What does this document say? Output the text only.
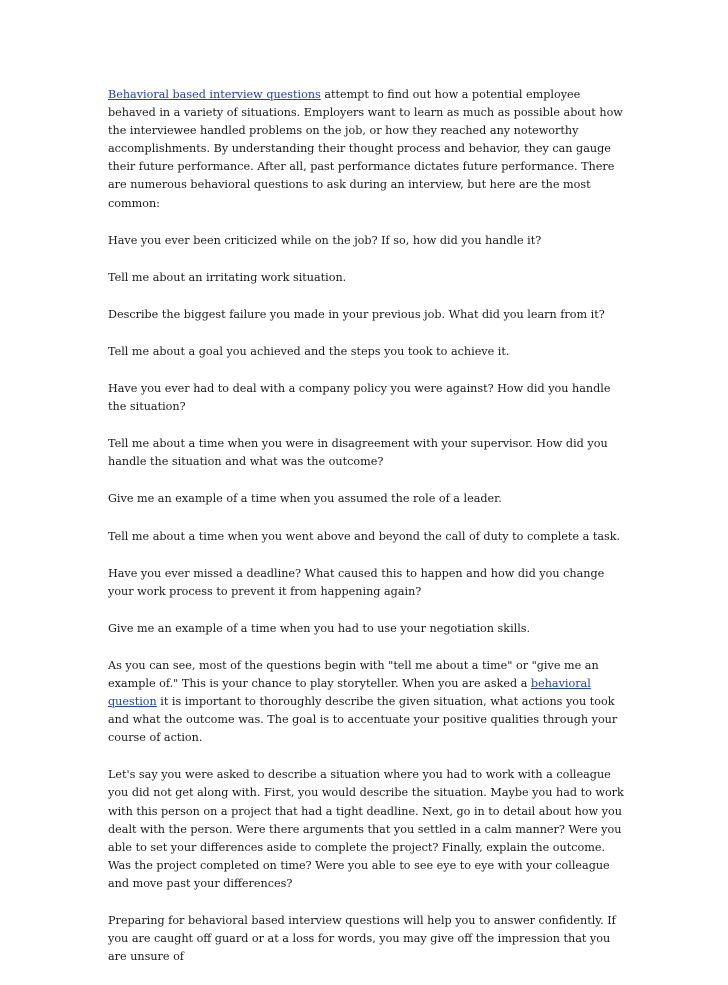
Behavioral based interview questions attempt to find out how a potential employee behaved in a variety of situations. Employers want to learn as much as possible about how the interviewee handled problems on the job, or how they reached any noteworthy accomplishments. By understanding their thought process and behavior, they can gauge their future performance. After all, past performance dictates future performance. There are numerous behavioral questions to ask during an interview, but here are the most common:

Have you ever been criticized while on the job? If so, how did you handle it?

Tell me about an irritating work situation.

Describe the biggest failure you made in your previous job. What did you learn from it?

Tell me about a goal you achieved and the steps you took to achieve it.

Have you ever had to deal with a company policy you were against? How did you handle the situation?

Tell me about a time when you were in disagreement with your supervisor. How did you handle the situation and what was the outcome?

Give me an example of a time when you assumed the role of a leader.

Tell me about a time when you went above and beyond the call of duty to complete a task.

Have you ever missed a deadline? What caused this to happen and how did you change your work process to prevent it from happening again?

Give me an example of a time when you had to use your negotiation skills.

As you can see, most of the questions begin with "tell me about a time" or "give me an example of." This is your chance to play storyteller. When you are asked a behavioral question it is important to thoroughly describe the given situation, what actions you took and what the outcome was. The goal is to accentuate your positive qualities through your course of action.

Let's say you were asked to describe a situation where you had to work with a colleague you did not get along with. First, you would describe the situation. Maybe you had to work with this person on a project that had a tight deadline. Next, go in to detail about how you dealt with the person. Were there arguments that you settled in a calm manner? Were you able to set your differences aside to complete the project? Finally, explain the outcome. Was the project completed on time? Were you able to see eye to eye with your colleague and move past your differences?

Preparing for behavioral based interview questions will help you to answer confidently. If you are caught off guard or at a loss for words, you may give off the impression that you are unsure of
